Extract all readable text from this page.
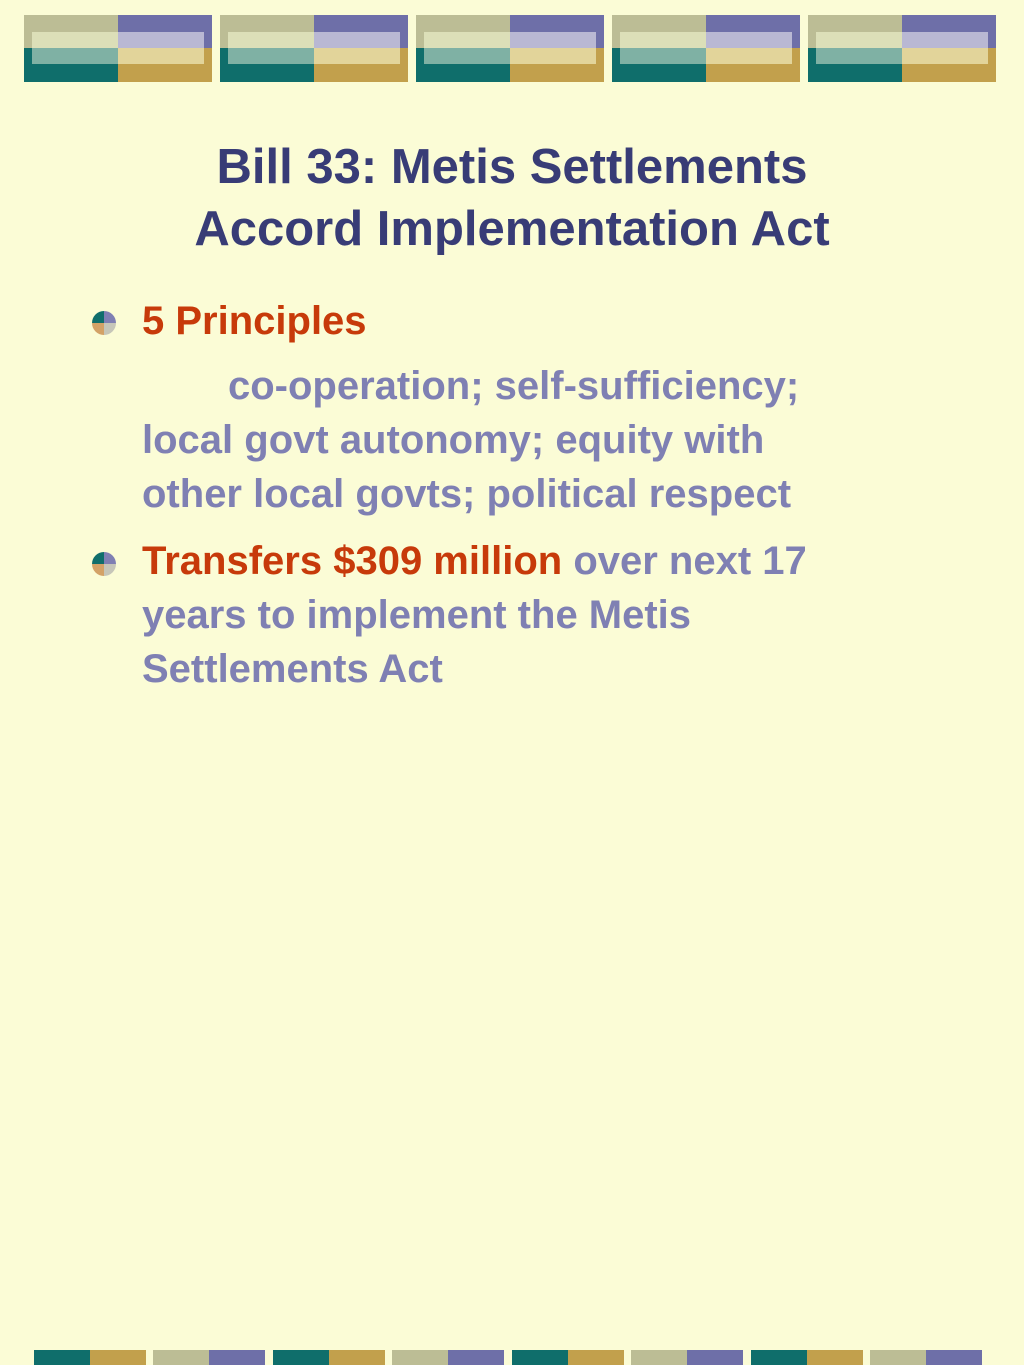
Bill 33: Metis Settlements
Accord Implementation Act
5 Principles
co-operation; self-sufficiency;
local govt autonomy; equity with
other local govts; political respect
Transfers $309 million over next 17
years to implement the Metis
Settlements Act
